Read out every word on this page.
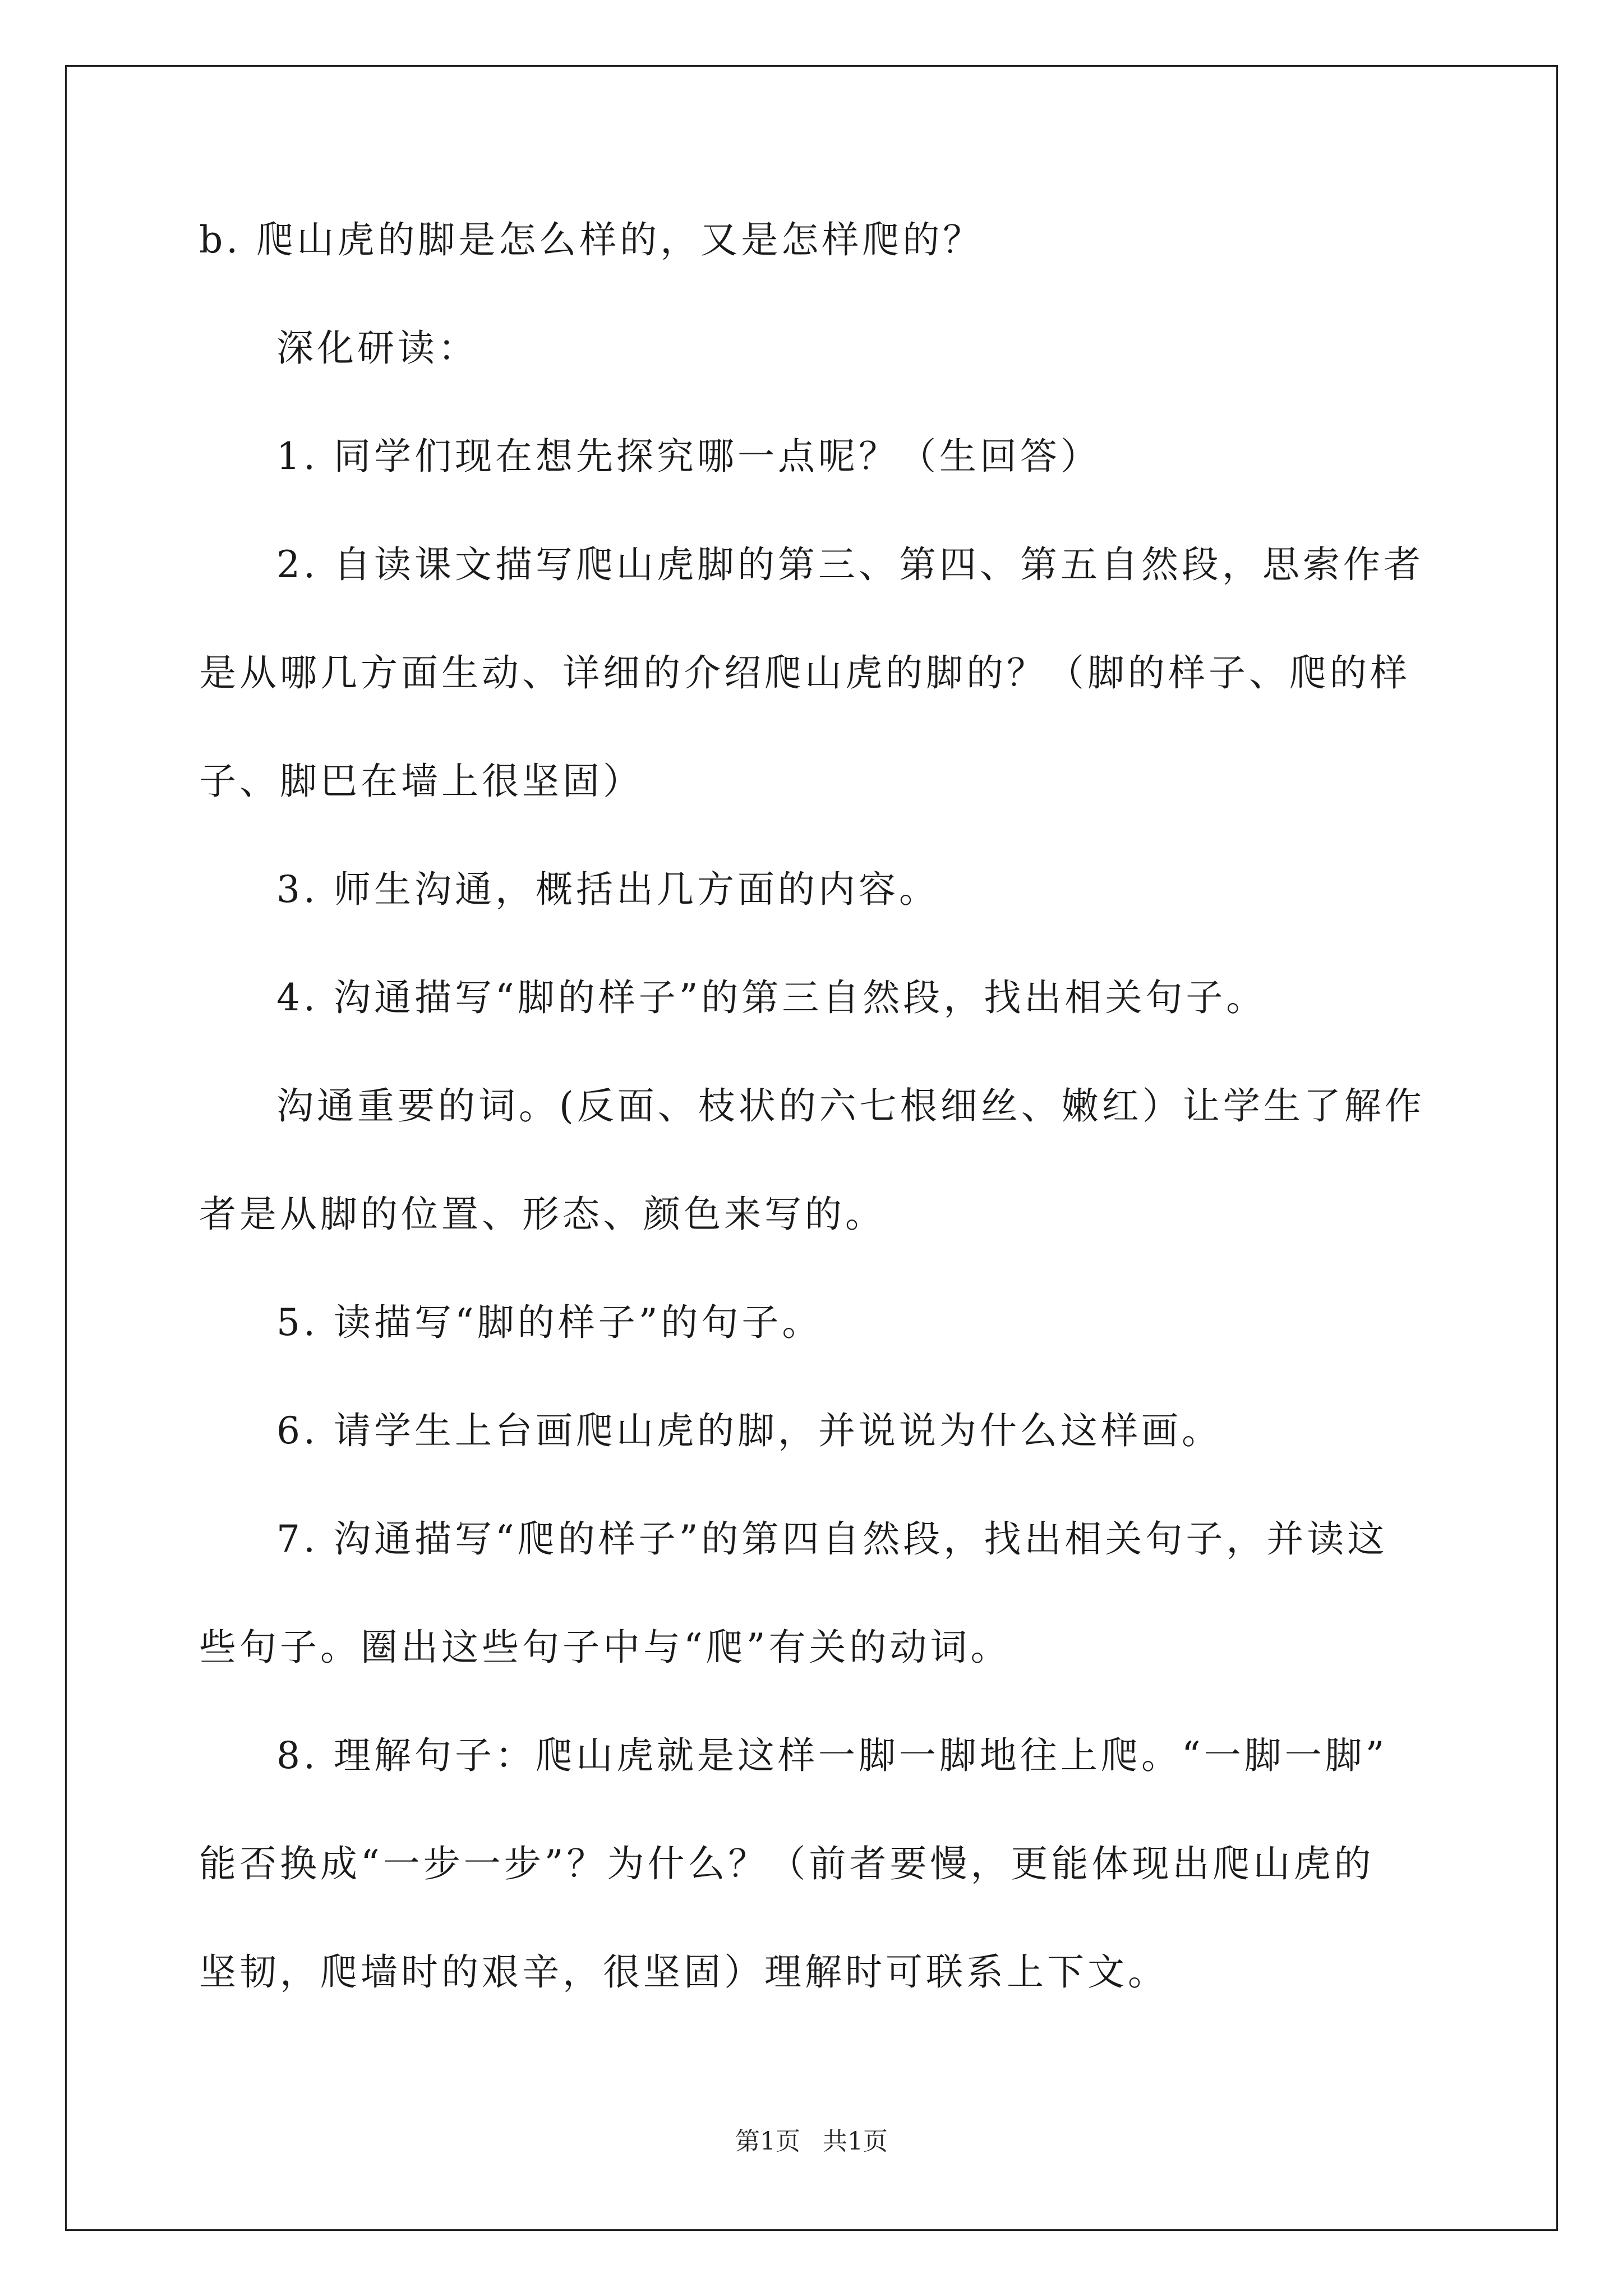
b. 爬山虎的脚是怎么样的，又是怎样爬的？
深化研读：
1. 同学们现在想先探究哪一点呢？（生回答）
2. 自读课文描写爬山虎脚的第三、第四、第五自然段，思索作者
是从哪几方面生动、详细的介绍爬山虎的脚的？（脚的样子、爬的样
子、脚巴在墙上很坚固）
3. 师生沟通，概括出几方面的内容。
4. 沟通描写“脚的样子”的第三自然段，找出相关句子。
沟通重要的词。(反面、枝状的六七根细丝、嫩红）让学生了解作
者是从脚的位置、形态、颜色来写的。
5. 读描写“脚的样子”的句子。
6. 请学生上台画爬山虎的脚，并说说为什么这样画。
7. 沟通描写“爬的样子”的第四自然段，找出相关句子，并读这
些句子。圈出这些句子中与“爬”有关的动词。
8. 理解句子：爬山虎就是这样一脚一脚地往上爬。“一脚一脚”
能否换成“一步一步”？为什么？（前者要慢，更能体现出爬山虎的
坚韧，爬墙时的艰辛，很坚固）理解时可联系上下文。
第1页 共1页
